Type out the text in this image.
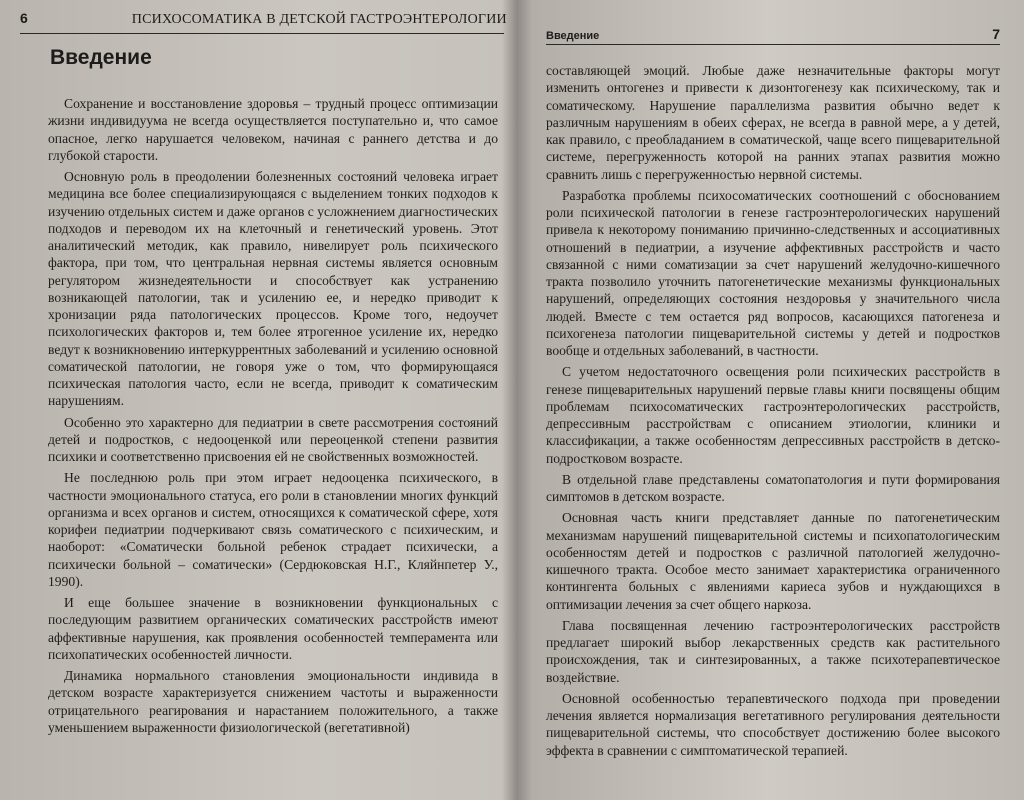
6	ПСИХОСОМАТИКА В ДЕТСКОЙ ГАСТРОЭНТЕРОЛОГИИ
Введение

Сохранение и восстановление здоровья – трудный процесс оптимизации жизни индивидуума не всегда осуществляется поступательно и, что самое опасное, легко нарушается человеком, начиная с раннего детства и до глубокой старости.

Основную роль в преодолении болезненных состояний человека играет медицина все более специализирующаяся с выделением тонких подходов к изучению отдельных систем и даже органов с усложнением диагностических подходов и переводом их на клеточный и генетический уровень. Этот аналитический методик, как правило, нивелирует роль психического фактора, при том, что центральная нервная системы является основным регулятором жизнедеятельности и способствует как устранению возникающей патологии, так и усилению ее, и нередко приводит к хронизации ряда патологических процессов. Кроме того, недоучет психологических факторов и, тем более ятрогенное усиление их, нередко ведут к возникновению интеркуррентных заболеваний и усилению основной соматической патологии, не говоря уже о том, что формирующаяся психическая патология часто, если не всегда, приводит к соматическим нарушениям.

Особенно это характерно для педиатрии в свете рассмотрения состояний детей и подростков, с недооценкой или переоценкой степени развития психики и соответственно присвоения ей не свойственных возможностей.

Не последнюю роль при этом играет недооценка психического, в частности эмоционального статуса, его роли в становлении многих функций организма и всех органов и систем, относящихся к соматической сфере, хотя корифеи педиатрии подчеркивают связь соматического с психическим, и наоборот: «Соматически больной ребенок страдает психически, а психически больной – соматически» (Сердюковская Н.Г., Кляйнпетер У., 1990).

И еще большее значение в возникновении функциональных с последующим развитием органических соматических расстройств имеют аффективные нарушения, как проявления особенностей темперамента или психопатических особенностей личности.

Динамика нормального становления эмоциональности индивида в детском возрасте характеризуется снижением частоты и выраженности отрицательного реагирования и нарастанием положительного, а также уменьшением выраженности физиологической (вегетативной)

Введение	7

составляющей эмоций. Любые даже незначительные факторы могут изменить онтогенез и привести к дизонтогенезу как психическому, так и соматическому. Нарушение параллелизма развития обычно ведет к различным нарушениям в обеих сферах, не всегда в равной мере, а у детей, как правило, с преобладанием в соматической, чаще всего пищеварительной системе, перегруженность которой на ранних этапах развития можно сравнить лишь с перегруженностью нервной системы.

Разработка проблемы психосоматических соотношений с обоснованием роли психической патологии в генезе гастроэнтерологических нарушений привела к некоторому пониманию причинно-следственных и ассоциативных отношений в педиатрии, а изучение аффективных расстройств и часто связанной с ними соматизации за счет нарушений желудочно-кишечного тракта позволило уточнить патогенетические механизмы функциональных нарушений, определяющих состояния нездоровья у значительного числа людей. Вместе с тем остается ряд вопросов, касающихся патогенеза и психогенеза патологии пищеварительной системы у детей и подростков вообще и отдельных заболеваний, в частности.

С учетом недостаточного освещения роли психических расстройств в генезе пищеварительных нарушений первые главы книги посвящены общим проблемам психосоматических гастроэнтерологических расстройств, депрессивным расстройствам с описанием этиологии, клиники и классификации, а также особенностям депрессивных расстройств в детско-подростковом возрасте.

В отдельной главе представлены соматопатология и пути формирования симптомов в детском возрасте.

Основная часть книги представляет данные по патогенетическим механизмам нарушений пищеварительной системы и психопатологическим особенностям детей и подростков с различной патологией желудочно-кишечного тракта. Особое место занимает характеристика ограниченного контингента больных с явлениями кариеса зубов и нуждающихся в оптимизации лечения за счет общего наркоза.

Глава посвященная лечению гастроэнтерологических расстройств предлагает широкий выбор лекарственных средств как растительного происхождения, так и синтезированных, а также психотерапевтическое воздействие.

Основной особенностью терапевтического подхода при проведении лечения является нормализация вегетативного регулирования деятельности пищеварительной системы, что способствует достижению более высокого эффекта в сравнении с симптоматической терапией.
